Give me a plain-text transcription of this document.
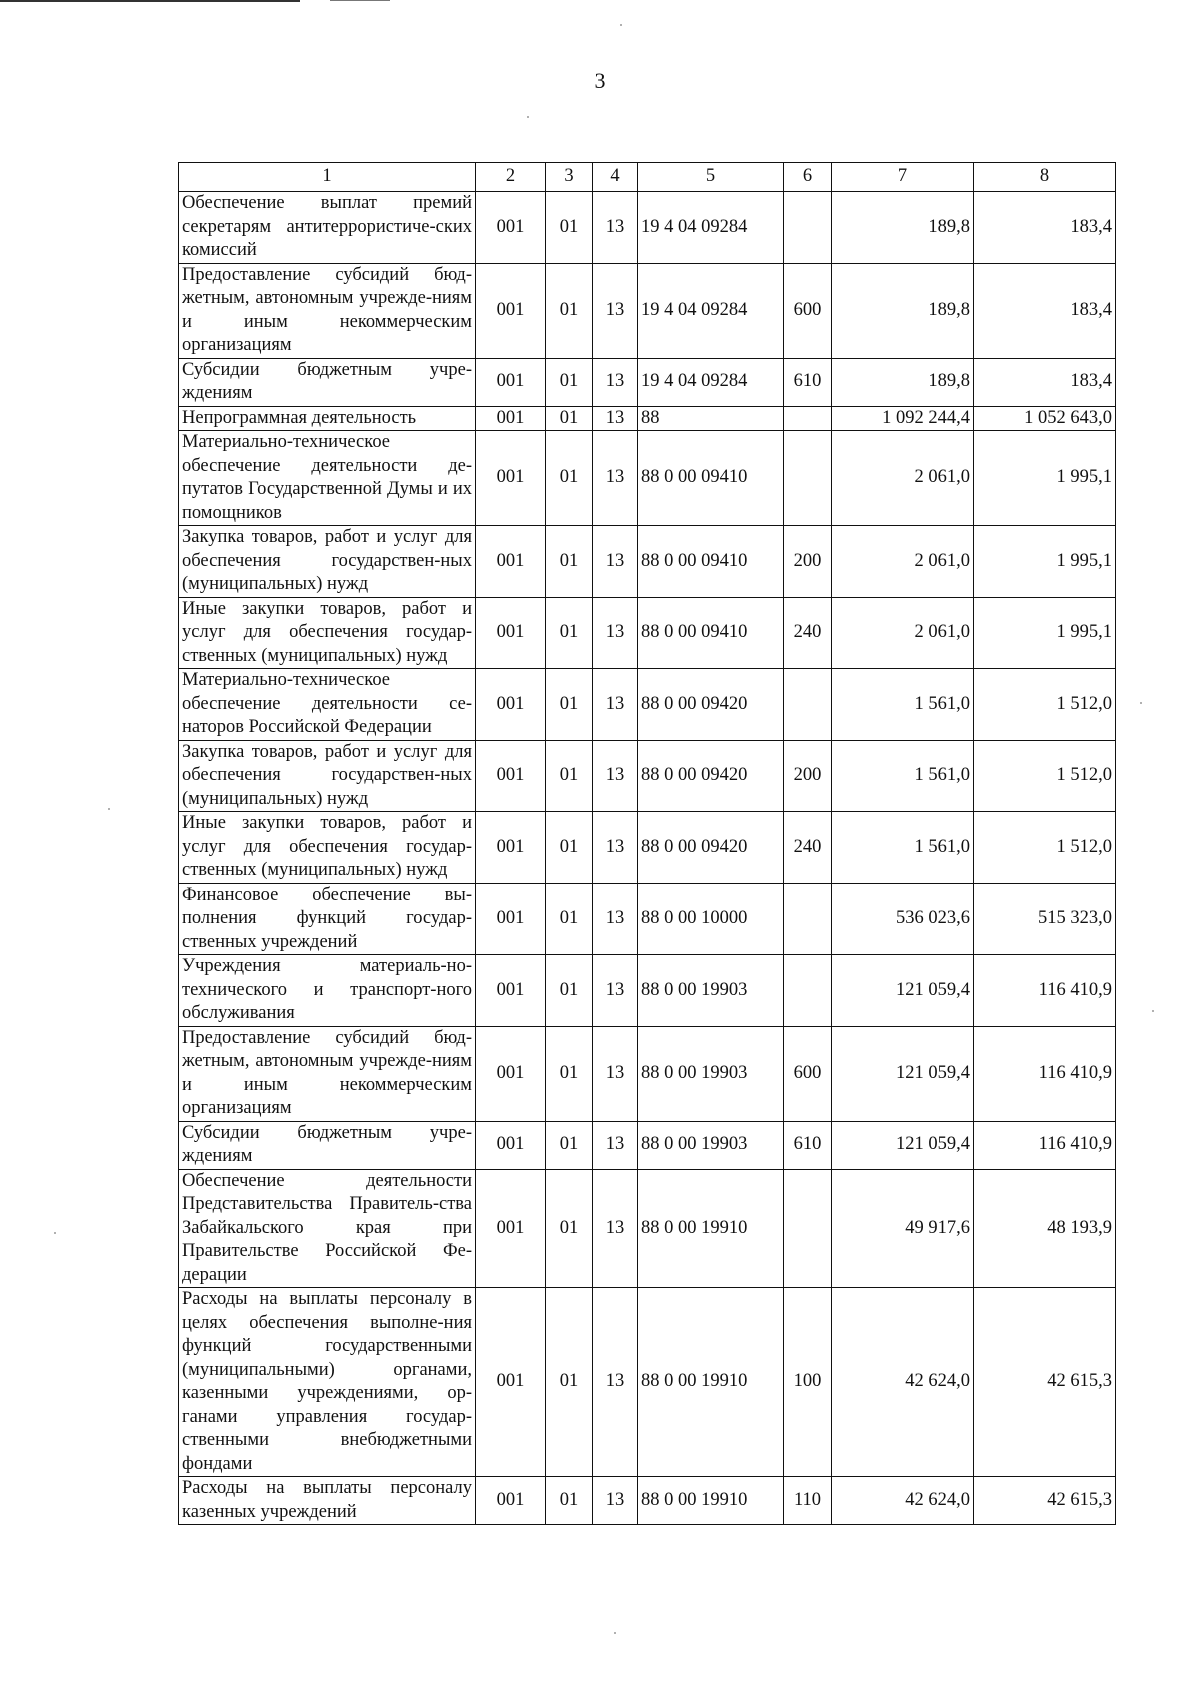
3
1	2	3	4	5	6	7	8
Обеспечение выплат премий секретарям антитеррористиче-ских комиссий	001	01	13	19 4 04 09284		189,8	183,4
Предоставление субсидий бюд-жетным, автономным учрежде-ниям и иным некоммерческим организациям	001	01	13	19 4 04 09284	600	189,8	183,4
Субсидии бюджетным учре-ждениям	001	01	13	19 4 04 09284	610	189,8	183,4
Непрограммная деятельность	001	01	13	88		1 092 244,4	1 052 643,0
Материально-техническое обеспечение деятельности де-путатов Государственной Думы и их помощников	001	01	13	88 0 00 09410		2 061,0	1 995,1
Закупка товаров, работ и услуг для обеспечения государствен-ных (муниципальных) нужд	001	01	13	88 0 00 09410	200	2 061,0	1 995,1
Иные закупки товаров, работ и услуг для обеспечения государ-ственных (муниципальных) нужд	001	01	13	88 0 00 09410	240	2 061,0	1 995,1
Материально-техническое обеспечение деятельности се-наторов Российской Федерации	001	01	13	88 0 00 09420		1 561,0	1 512,0
Закупка товаров, работ и услуг для обеспечения государствен-ных (муниципальных) нужд	001	01	13	88 0 00 09420	200	1 561,0	1 512,0
Иные закупки товаров, работ и услуг для обеспечения государ-ственных (муниципальных) нужд	001	01	13	88 0 00 09420	240	1 561,0	1 512,0
Финансовое обеспечение вы-полнения функций государ-ственных учреждений	001	01	13	88 0 00 10000		536 023,6	515 323,0
Учреждения материаль-но-технического и транспорт-ного обслуживания	001	01	13	88 0 00 19903		121 059,4	116 410,9
Предоставление субсидий бюд-жетным, автономным учрежде-ниям и иным некоммерческим организациям	001	01	13	88 0 00 19903	600	121 059,4	116 410,9
Субсидии бюджетным учре-ждениям	001	01	13	88 0 00 19903	610	121 059,4	116 410,9
Обеспечение деятельности Представительства Правитель-ства Забайкальского края при Правительстве Российской Фе-дерации	001	01	13	88 0 00 19910		49 917,6	48 193,9
Расходы на выплаты персоналу в целях обеспечения выполне-ния функций государственными (муниципальными) органами, казенными учреждениями, ор-ганами управления государ-ственными внебюджетными фондами	001	01	13	88 0 00 19910	100	42 624,0	42 615,3
Расходы на выплаты персоналу казенных учреждений	001	01	13	88 0 00 19910	110	42 624,0	42 615,3
